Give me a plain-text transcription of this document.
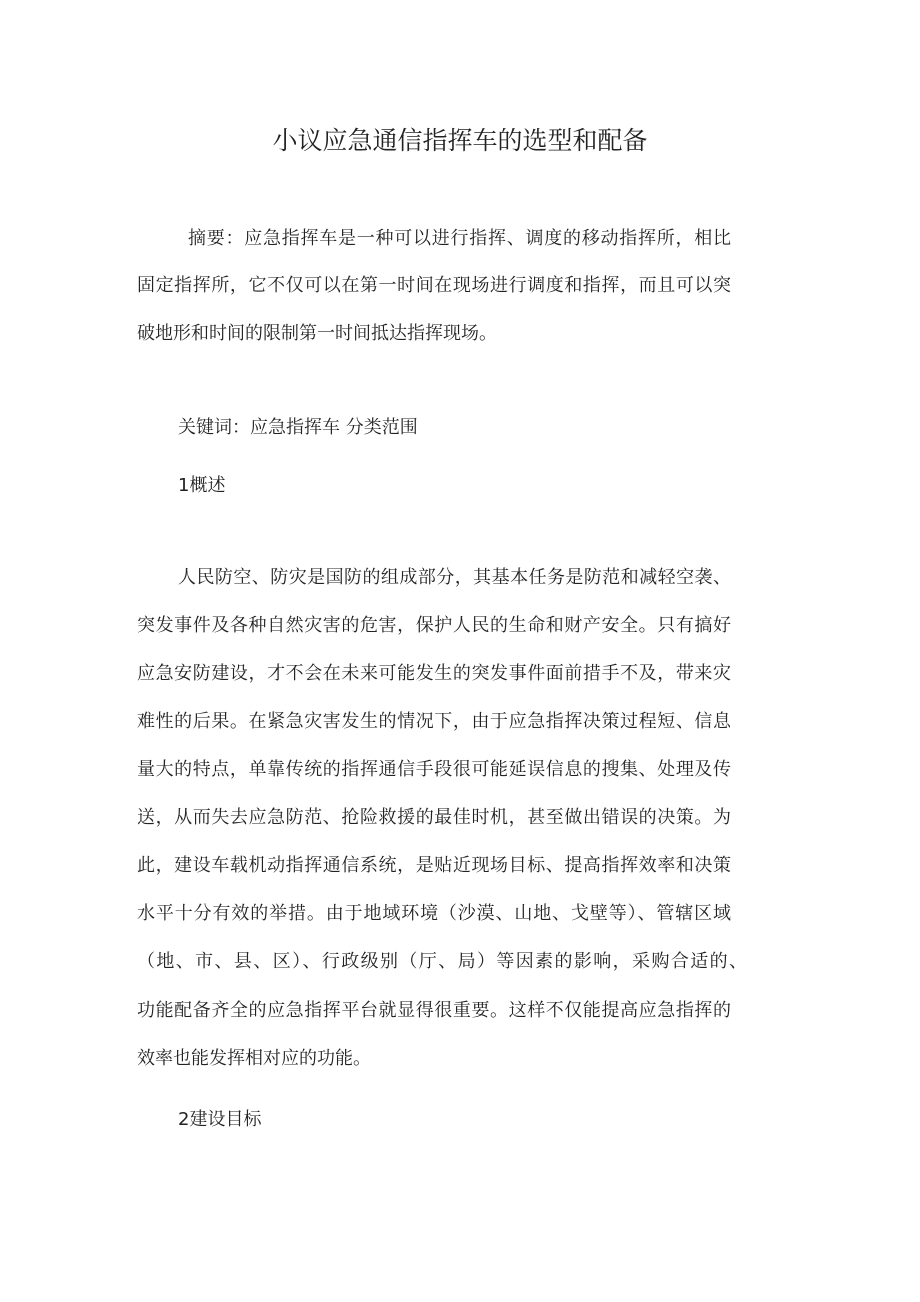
小议应急通信指挥车的选型和配备
摘要：应急指挥车是一种可以进行指挥、调度的移动指挥所，相比
固定指挥所，它不仅可以在第一时间在现场进行调度和指挥，而且可以突
破地形和时间的限制第一时间抵达指挥现场。
关键词：应急指挥车 分类范围
1概述
人民防空、防灾是国防的组成部分，其基本任务是防范和减轻空袭、
突发事件及各种自然灾害的危害，保护人民的生命和财产安全。只有搞好
应急安防建设，才不会在未来可能发生的突发事件面前措手不及，带来灾
难性的后果。在紧急灾害发生的情况下，由于应急指挥决策过程短、信息
量大的特点，单靠传统的指挥通信手段很可能延误信息的搜集、处理及传
送，从而失去应急防范、抢险救援的最佳时机，甚至做出错误的决策。为
此，建设车载机动指挥通信系统，是贴近现场目标、提高指挥效率和决策
水平十分有效的举措。由于地域环境（沙漠、山地、戈壁等）、管辖区域
（地、市、县、区）、行政级别（厅、局）等因素的影响，采购合适的、
功能配备齐全的应急指挥平台就显得很重要。这样不仅能提高应急指挥的
效率也能发挥相对应的功能。
2建设目标
